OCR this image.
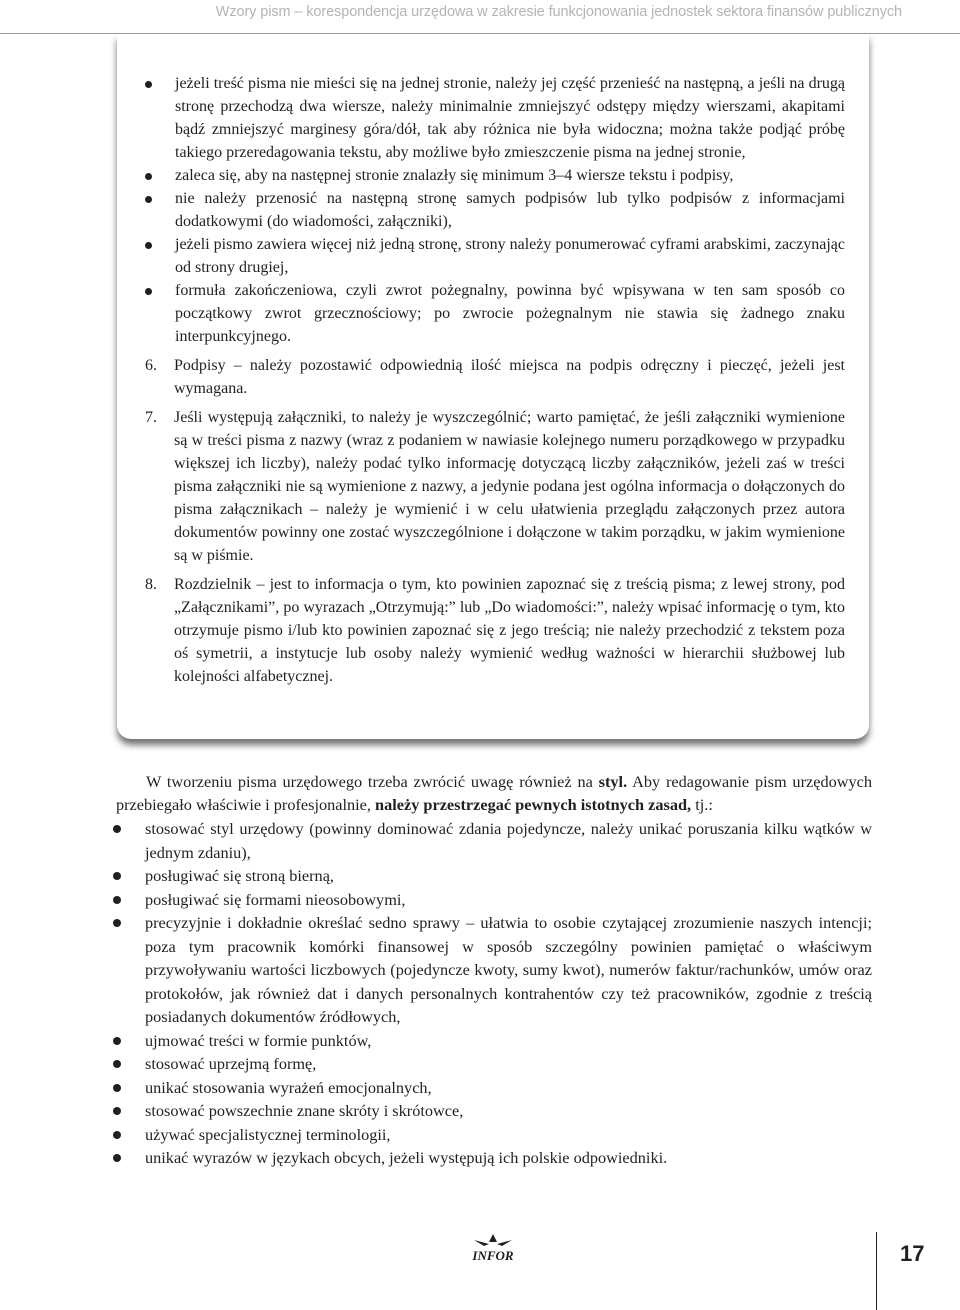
Wzory pism – korespondencja urzędowa w zakresie funkcjonowania jednostek sektora finansów publicznych
jeżeli treść pisma nie mieści się na jednej stronie, należy jej część przenieść na następną, a jeśli na drugą stronę przechodzą dwa wiersze, należy minimalnie zmniejszyć odstępy między wierszami, akapitami bądź zmniejszyć marginesy góra/dół, tak aby różnica nie była widoczna; można także podjąć próbę takiego przeredagowania tekstu, aby możliwe było zmieszczenie pisma na jednej stronie,
zaleca się, aby na następnej stronie znalazły się minimum 3–4 wiersze tekstu i podpisy,
nie należy przenosić na następną stronę samych podpisów lub tylko podpisów z informacjami dodatkowymi (do wiadomości, załączniki),
jeżeli pismo zawiera więcej niż jedną stronę, strony należy ponumerować cyframi arabskimi, zaczynając od strony drugiej,
formuła zakończeniowa, czyli zwrot pożegnalny, powinna być wpisywana w ten sam sposób co początkowy zwrot grzecznościowy; po zwrocie pożegnalnym nie stawia się żadnego znaku interpunkcyjnego.
6. Podpisy – należy pozostawić odpowiednią ilość miejsca na podpis odręczny i pieczęć, jeżeli jest wymagana.
7. Jeśli występują załączniki, to należy je wyszczególnić; warto pamiętać, że jeśli załączniki wymienione są w treści pisma z nazwy (wraz z podaniem w nawiasie kolejnego numeru porządkowego w przypadku większej ich liczby), należy podać tylko informację dotyczącą liczby załączników, jeżeli zaś w treści pisma załączniki nie są wymienione z nazwy, a jedynie podana jest ogólna informacja o dołączonych do pisma załącznikach – należy je wymienić i w celu ułatwienia przeglądu załączonych przez autora dokumentów powinny one zostać wyszczególnione i dołączone w takim porządku, w jakim wymienione są w piśmie.
8. Rozdzielnik – jest to informacja o tym, kto powinien zapoznać się z treścią pisma; z lewej strony, pod „Załącznikami”, po wyrazach „Otrzymują:” lub „Do wiadomości:”, należy wpisać informację o tym, kto otrzymuje pismo i/lub kto powinien zapoznać się z jego treścią; nie należy przechodzić z tekstem poza oś symetrii, a instytucje lub osoby należy wymienić według ważności w hierarchii służbowej lub kolejności alfabetycznej.

W tworzeniu pisma urzędowego trzeba zwrócić uwagę również na styl. Aby redagowanie pism urzędowych przebiegało właściwie i profesjonalnie, należy przestrzegać pewnych istotnych zasad, tj.:

stosować styl urzędowy (powinny dominować zdania pojedyncze, należy unikać poruszania kilku wątków w jednym zdaniu),
posługiwać się stroną bierną,
posługiwać się formami nieosobowymi,
precyzyjnie i dokładnie określać sedno sprawy – ułatwia to osobie czytającej zrozumienie naszych intencji; poza tym pracownik komórki finansowej w sposób szczególny powinien pamiętać o właściwym przywoływaniu wartości liczbowych (pojedyncze kwoty, sumy kwot), numerów faktur/rachunków, umów oraz protokołów, jak również dat i danych personalnych kontrahentów czy też pracowników, zgodnie z treścią posiadanych dokumentów źródłowych,
ujmować treści w formie punktów,
stosować uprzejmą formę,
unikać stosowania wyrażeń emocjonalnych,
stosować powszechnie znane skróty i skrótowce,
używać specjalistycznej terminologii,
unikać wyrazów w językach obcych, jeżeli występują ich polskie odpowiedniki.
INFOR	17
